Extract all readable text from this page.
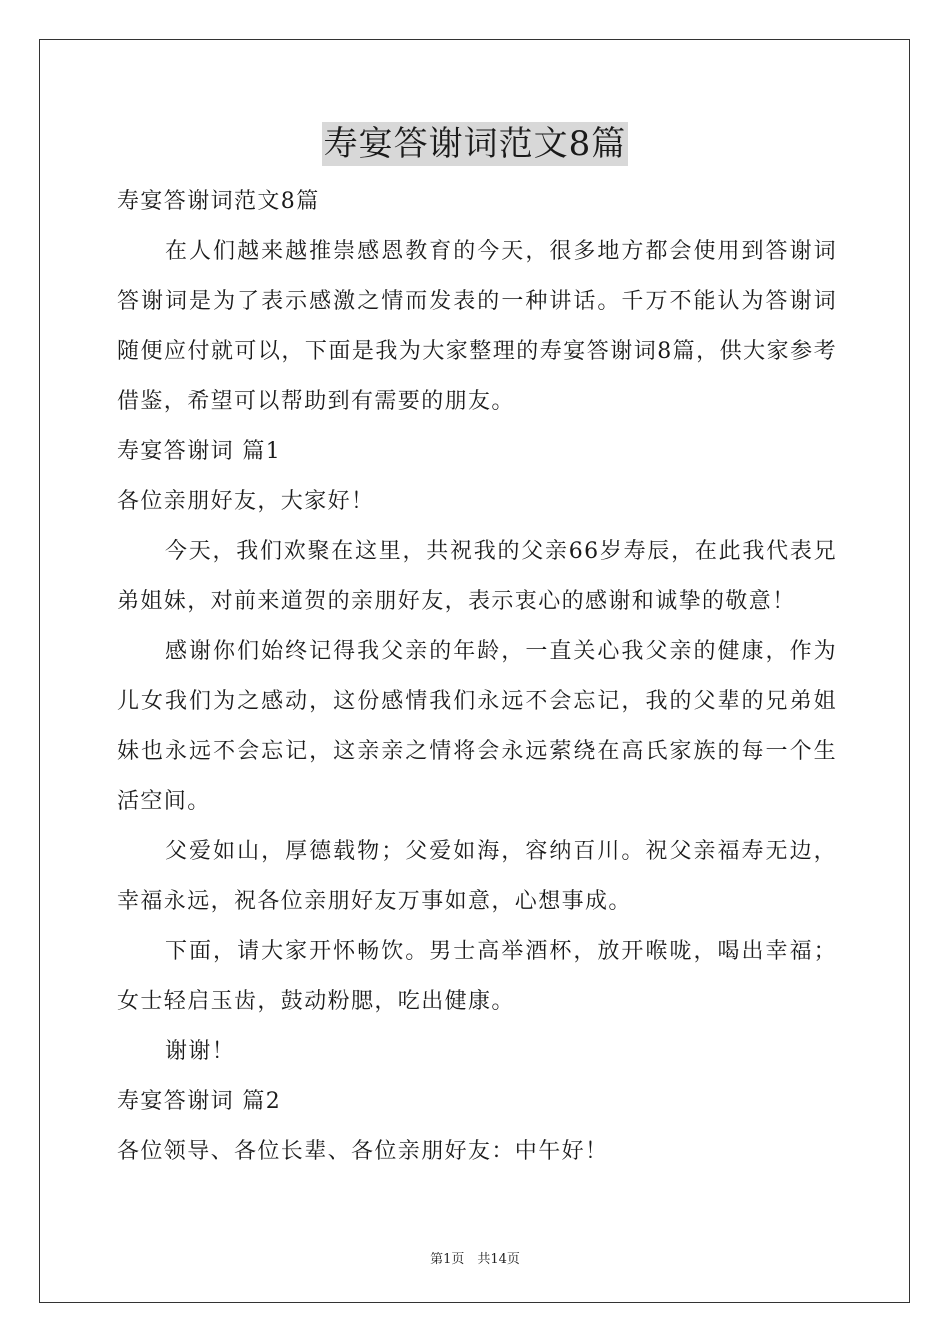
寿宴答谢词范文8篇

寿宴答谢词范文8篇

在人们越来越推崇感恩教育的今天，很多地方都会使用到答谢词答谢词是为了表示感激之情而发表的一种讲话。千万不能认为答谢词随便应付就可以，下面是我为大家整理的寿宴答谢词8篇，供大家参考借鉴，希望可以帮助到有需要的朋友。

寿宴答谢词 篇1

各位亲朋好友，大家好！

今天，我们欢聚在这里，共祝我的父亲66岁寿辰，在此我代表兄弟姐妹，对前来道贺的亲朋好友，表示衷心的感谢和诚挚的敬意！

感谢你们始终记得我父亲的年龄，一直关心我父亲的健康，作为儿女我们为之感动，这份感情我们永远不会忘记，我的父辈的兄弟姐妹也永远不会忘记，这亲亲之情将会永远萦绕在高氏家族的每一个生活空间。

父爱如山，厚德载物；父爱如海，容纳百川。祝父亲福寿无边，幸福永远，祝各位亲朋好友万事如意，心想事成。

下面，请大家开怀畅饮。男士高举酒杯，放开喉咙，喝出幸福；女士轻启玉齿，鼓动粉腮，吃出健康。

谢谢！

寿宴答谢词 篇2

各位领导、各位长辈、各位亲朋好友：中午好！

第1页　共14页
